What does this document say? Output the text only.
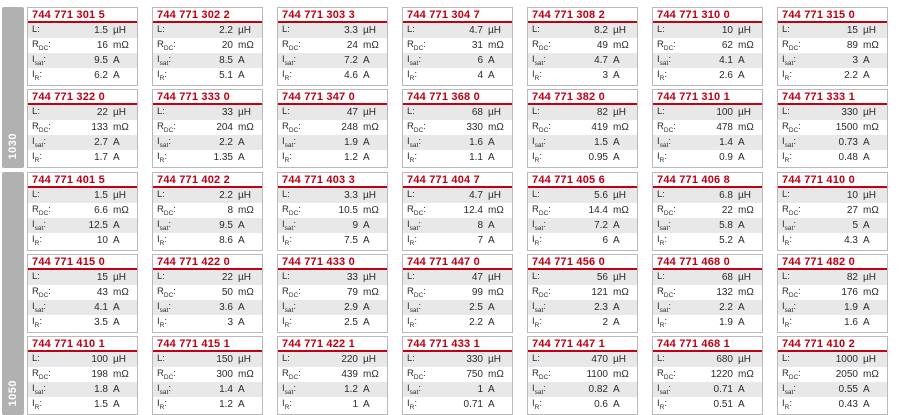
1030
744 771 301 5
L:	1.5 µH
$R_{DC}$:	16 mΩ
$I_{sat}$:	9.5 A
$I_R$:	6.2 A
744 771 302 2
L:	2.2 µH
$R_{DC}$:	20 mΩ
$I_{sat}$:	8.5 A
$I_R$:	5.1 A
744 771 303 3
L:	3.3 µH
$R_{DC}$:	24 mΩ
$I_{sat}$:	7.2 A
$I_R$:	4.6 A
744 771 304 7
L:	4.7 µH
$R_{DC}$:	31 mΩ
$I_{sat}$:	6 A
$I_R$:	4 A
744 771 308 2
L:	8.2 µH
$R_{DC}$:	49 mΩ
$I_{sat}$:	4.7 A
$I_R$:	3 A
744 771 310 0
L:	10 µH
$R_{DC}$:	62 mΩ
$I_{sat}$:	4.1 A
$I_R$:	2.6 A
744 771 315 0
L:	15 µH
$R_{DC}$:	89 mΩ
$I_{sat}$:	3 A
$I_R$:	2.2 A
744 771 322 0
L:	22 µH
$R_{DC}$:	133 mΩ
$I_{sat}$:	2.7 A
$I_R$:	1.7 A
744 771 333 0
L:	33 µH
$R_{DC}$:	204 mΩ
$I_{sat}$:	2.2 A
$I_R$:	1.35 A
744 771 347 0
L:	47 µH
$R_{DC}$:	248 mΩ
$I_{sat}$:	1.9 A
$I_R$:	1.2 A
744 771 368 0
L:	68 µH
$R_{DC}$:	330 mΩ
$I_{sat}$:	1.6 A
$I_R$:	1.1 A
744 771 382 0
L:	82 µH
$R_{DC}$:	419 mΩ
$I_{sat}$:	1.5 A
$I_R$:	0.95 A
744 771 310 1
L:	100 µH
$R_{DC}$:	478 mΩ
$I_{sat}$:	1.4 A
$I_R$:	0.9 A
744 771 333 1
L:	330 µH
$R_{DC}$:	1500 mΩ
$I_{sat}$:	0.73 A
$I_R$:	0.48 A
1050
744 771 401 5
L:	1.5 µH
$R_{DC}$:	6.6 mΩ
$I_{sat}$:	12.5 A
$I_R$:	10 A
744 771 402 2
L:	2.2 µH
$R_{DC}$:	8 mΩ
$I_{sat}$:	9.5 A
$I_R$:	8.6 A
744 771 403 3
L:	3.3 µH
$R_{DC}$:	10.5 mΩ
$I_{sat}$:	9 A
$I_R$:	7.5 A
744 771 404 7
L:	4.7 µH
$R_{DC}$:	12.4 mΩ
$I_{sat}$:	8 A
$I_R$:	7 A
744 771 405 6
L:	5.6 µH
$R_{DC}$:	14.4 mΩ
$I_{sat}$:	7.2 A
$I_R$:	6 A
744 771 406 8
L:	6.8 µH
$R_{DC}$:	22 mΩ
$I_{sat}$:	5.8 A
$I_R$:	5.2 A
744 771 410 0
L:	10 µH
$R_{DC}$:	27 mΩ
$I_{sat}$:	5 A
$I_R$:	4.3 A
744 771 415 0
L:	15 µH
$R_{DC}$:	43 mΩ
$I_{sat}$:	4.1 A
$I_R$:	3.5 A
744 771 422 0
L:	22 µH
$R_{DC}$:	50 mΩ
$I_{sat}$:	3.6 A
$I_R$:	3 A
744 771 433 0
L:	33 µH
$R_{DC}$:	79 mΩ
$I_{sat}$:	2.9 A
$I_R$:	2.5 A
744 771 447 0
L:	47 µH
$R_{DC}$:	99 mΩ
$I_{sat}$:	2.5 A
$I_R$:	2.2 A
744 771 456 0
L:	56 µH
$R_{DC}$:	121 mΩ
$I_{sat}$:	2.3 A
$I_R$:	2 A
744 771 468 0
L:	68 µH
$R_{DC}$:	132 mΩ
$I_{sat}$:	2.2 A
$I_R$:	1.9 A
744 771 482 0
L:	82 µH
$R_{DC}$:	176 mΩ
$I_{sat}$:	1.9 A
$I_R$:	1.6 A
744 771 410 1
L:	100 µH
$R_{DC}$:	198 mΩ
$I_{sat}$:	1.8 A
$I_R$:	1.5 A
744 771 415 1
L:	150 µH
$R_{DC}$:	300 mΩ
$I_{sat}$:	1.4 A
$I_R$:	1.2 A
744 771 422 1
L:	220 µH
$R_{DC}$:	439 mΩ
$I_{sat}$:	1.2 A
$I_R$:	1 A
744 771 433 1
L:	330 µH
$R_{DC}$:	750 mΩ
$I_{sat}$:	1 A
$I_R$:	0.71 A
744 771 447 1
L:	470 µH
$R_{DC}$:	1100 mΩ
$I_{sat}$:	0.82 A
$I_R$:	0.6 A
744 771 468 1
L:	680 µH
$R_{DC}$:	1220 mΩ
$I_{sat}$:	0.71 A
$I_R$:	0.51 A
744 771 410 2
L:	1000 µH
$R_{DC}$:	2050 mΩ
$I_{sat}$:	0.55 A
$I_R$:	0.43 A
